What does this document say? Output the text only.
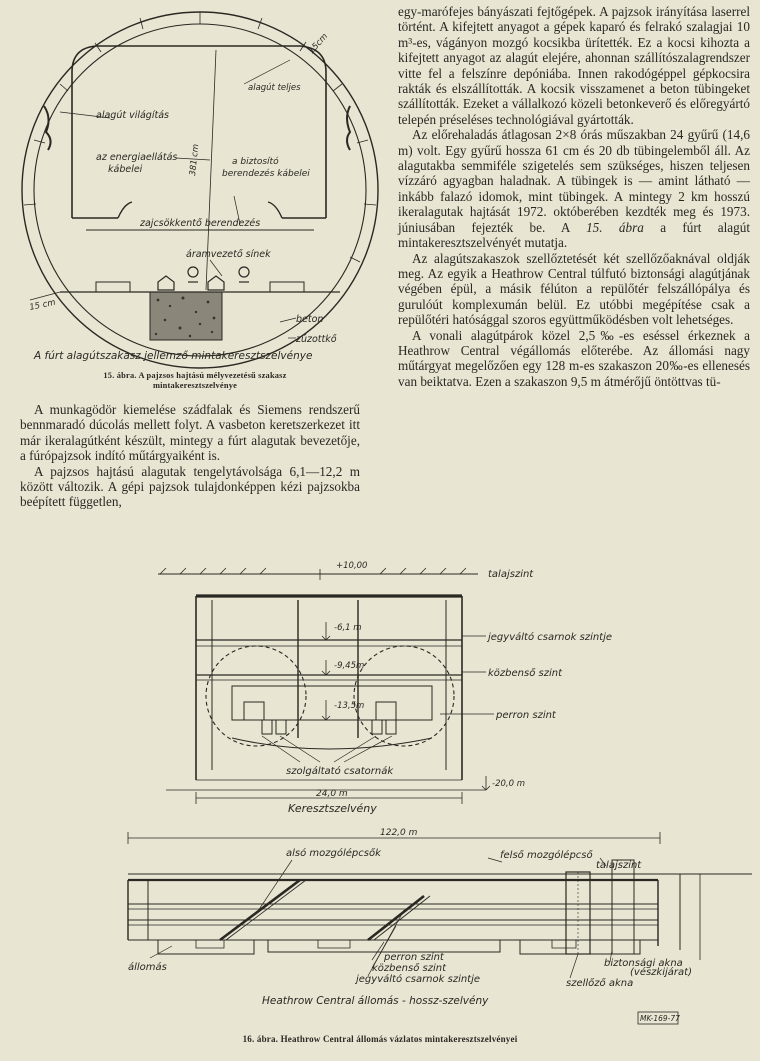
15cm
alagút teljes
alagút világítás
az energiaellátás
kábelei	381 cm	a biztosító
berendezés kábelei
zajcsökkentő berendezés
áramvezető sínek
15 cm
beton
zúzottkő
A fúrt alagútszakasz jellemző mintakeresztszelvénye
15. ábra. A pajzsos hajtású mélyvezetésű szakasz
mintakeresztszelvénye

A munkagödör kiemelése szádfalak és Siemens rendszerű bennmaradó dúcolás mellett folyt. A vasbeton keretszerkezet itt már ikeralagútként készült, mintegy a fúrt alagutak bevezetője, a fúrópajzsok indító műtárgyaiként is.

A pajzsos hajtású alagutak tengelytávolsága 6,1—12,2 m között változik. A gépi pajzsok tulajdonképpen kézi pajzsokba beépített független,

egy-marófejes bányászati fejtőgépek. A pajzsok irányítása laserrel történt. A kifejtett anyagot a gépek kaparó és felrakó szalagjai 10 m³-es, vágányon mozgó kocsikba ürítették. Ez a kocsi kihozta a kifejtett anyagot az alagút elejére, ahonnan szállítószalagrendszer vitte fel a felszínre depóniába. Innen rakodógéppel gépkocsira rakták és elszállították. A kocsik visszamenet a beton tübingeket szállították. Ezeket a vállalkozó közeli betonkeverő és előregyártó telepén préseléses technológiával gyártották.

Az előrehaladás átlagosan 2×8 órás műszakban 24 gyűrű (14,6 m) volt. Egy gyűrű hossza 61 cm és 20 db tübingelemből áll. Az alagutakba semmiféle szigetelés sem szükséges, hiszen teljesen vízzáró agyagban haladnak. A tübingek is — amint látható — inkább falazó idomok, mint tübingek. A mintegy 2 km hosszú ikeralagutak hajtását 1972. októberében kezdték meg és 1973. júniusában fejezték be. A 15. ábra a fúrt alagút mintakeresztszelvényét mutatja.

Az alagútszakaszok szellőztetését két szellőzőaknával oldják meg. Az egyik a Heathrow Central túlfutó biztonsági alagútjának végében épül, a másik félúton a repülőtér felszállópálya és gurulóút komplexumán belül. Ez utóbbi megépítése csak a repülőtéri hatósággal szoros együttműködésben volt lehetséges.

A vonali alagútpárok közel 2,5‰-es eséssel érkeznek a Heathrow Central végállomás előterébe. Az állomási nagy műtárgyat megelőzően egy 128 m-es szakaszon 20‰-es ellenesés van beiktatva. Ezen a szakaszon 9,5 m átmérőjű öntöttvas tü-

+10,00
talajszint
-6,1 m
jegyváltó csarnok szintje
-9,45m
közbenső szint
-13,5m
perron szint
szolgáltató csatornák
-20,0 m
24,0 m
Keresztszelvény
122,0 m
alsó mozgólépcsők	felső mozgólépcső
talajszint
állomás
perron szint
közbenső szint
jegyváltó csarnok szintje
biztonsági akna
(vészkijárat)
szellőző akna
Heathrow Central állomás - hossz-szelvény
MK-169-77
16. ábra. Heathrow Central állomás vázlatos mintakeresztszelvényei
